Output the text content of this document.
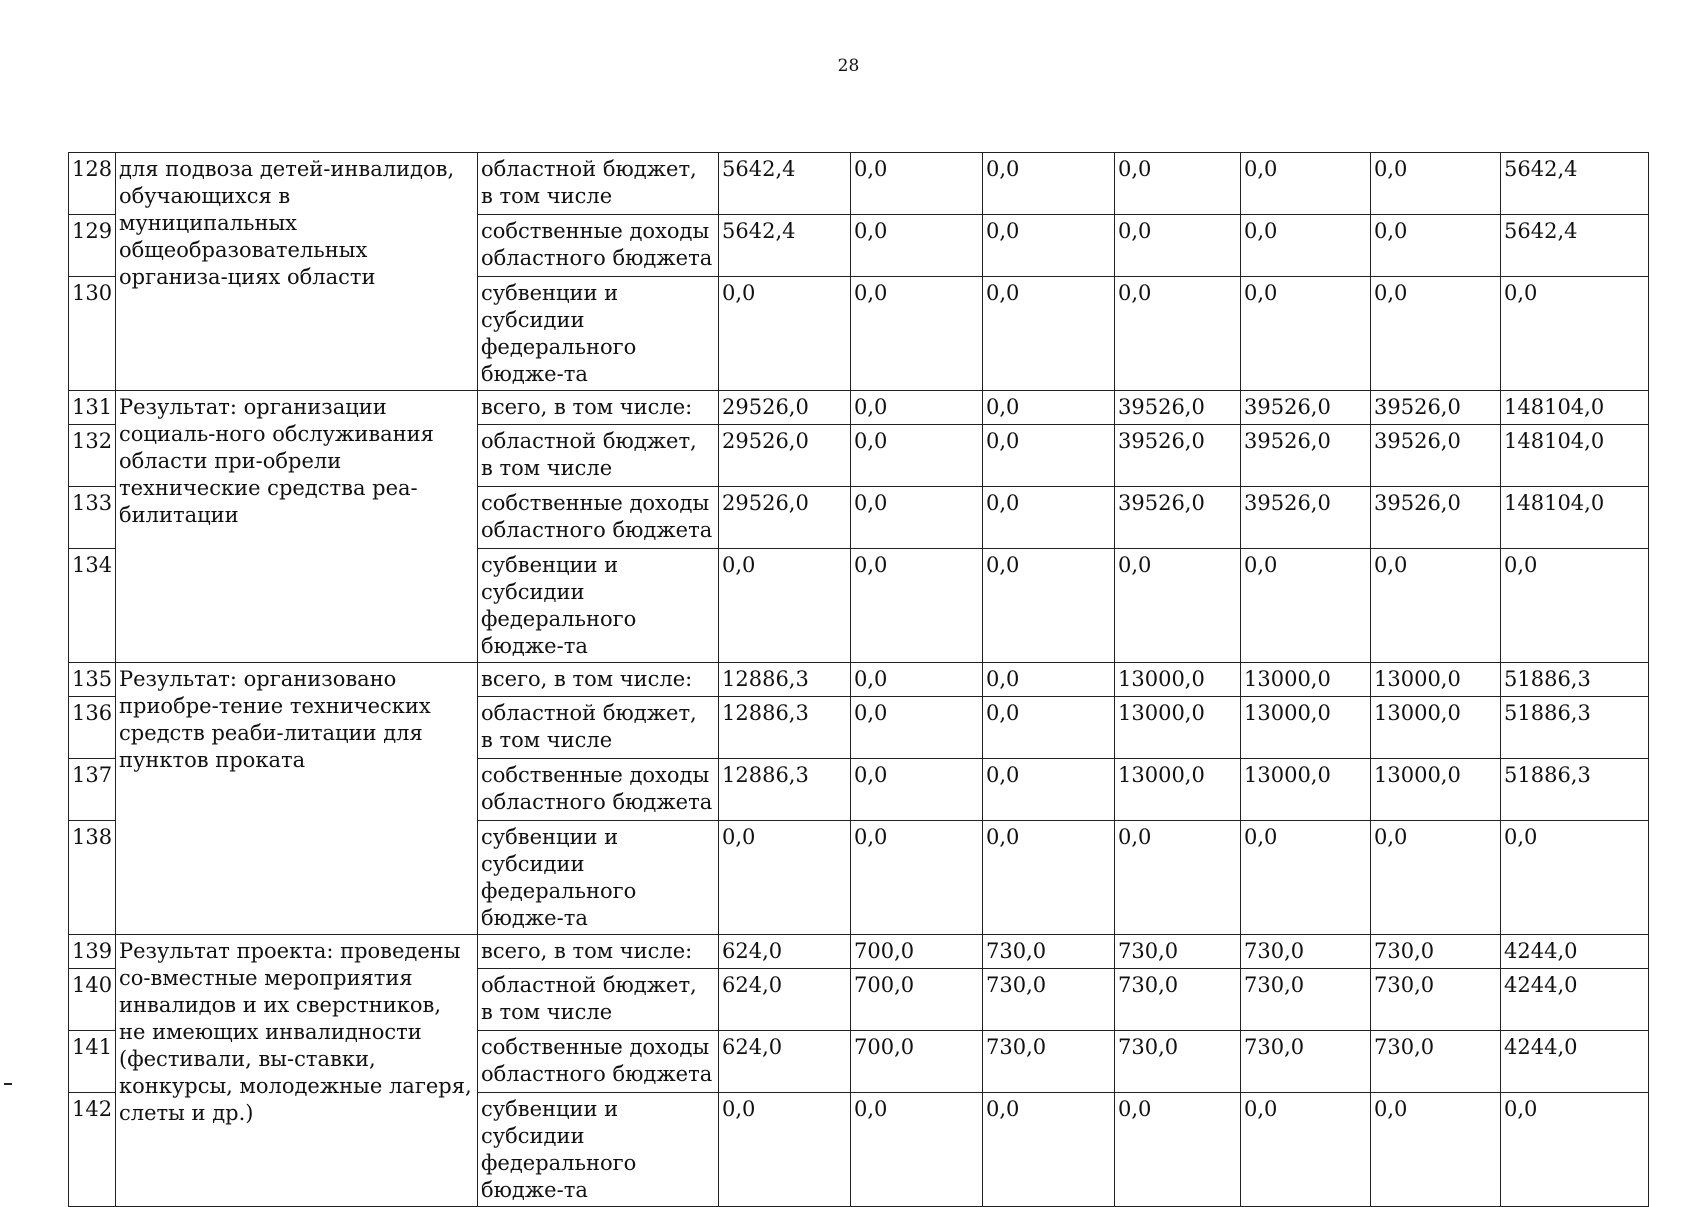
28
128	для подвоза детей-инвалидов, обучающихся в муниципальных общеобразовательных организа-циях области	областной бюджет, в том числе	5642,4	0,0	0,0	0,0	0,0	0,0	5642,4
129		собственные доходы областного бюджета	5642,4	0,0	0,0	0,0	0,0	0,0	5642,4
130		субвенции и субсидии федерального бюдже-та	0,0	0,0	0,0	0,0	0,0	0,0	0,0
131	Результат: организации социаль-ного обслуживания области при-обрели технические средства реа-билитации	всего, в том числе:	29526,0	0,0	0,0	39526,0	39526,0	39526,0	148104,0
132		областной бюджет, в том числе	29526,0	0,0	0,0	39526,0	39526,0	39526,0	148104,0
133		собственные доходы областного бюджета	29526,0	0,0	0,0	39526,0	39526,0	39526,0	148104,0
134		субвенции и субсидии федерального бюдже-та	0,0	0,0	0,0	0,0	0,0	0,0	0,0
135	Результат: организовано приобре-тение технических средств реаби-литации для пунктов проката	всего, в том числе:	12886,3	0,0	0,0	13000,0	13000,0	13000,0	51886,3
136		областной бюджет, в том числе	12886,3	0,0	0,0	13000,0	13000,0	13000,0	51886,3
137		собственные доходы областного бюджета	12886,3	0,0	0,0	13000,0	13000,0	13000,0	51886,3
138		субвенции и субсидии федерального бюдже-та	0,0	0,0	0,0	0,0	0,0	0,0	0,0
139	Результат проекта: проведены со-вместные мероприятия инвалидов и их сверстников, не имеющих инвалидности (фестивали, вы-ставки, конкурсы, молодежные лагеря, слеты и др.)	всего, в том числе:	624,0	700,0	730,0	730,0	730,0	730,0	4244,0
140		областной бюджет, в том числе	624,0	700,0	730,0	730,0	730,0	730,0	4244,0
141		собственные доходы областного бюджета	624,0	700,0	730,0	730,0	730,0	730,0	4244,0
142		субвенции и субсидии федерального бюдже-та	0,0	0,0	0,0	0,0	0,0	0,0	0,0
